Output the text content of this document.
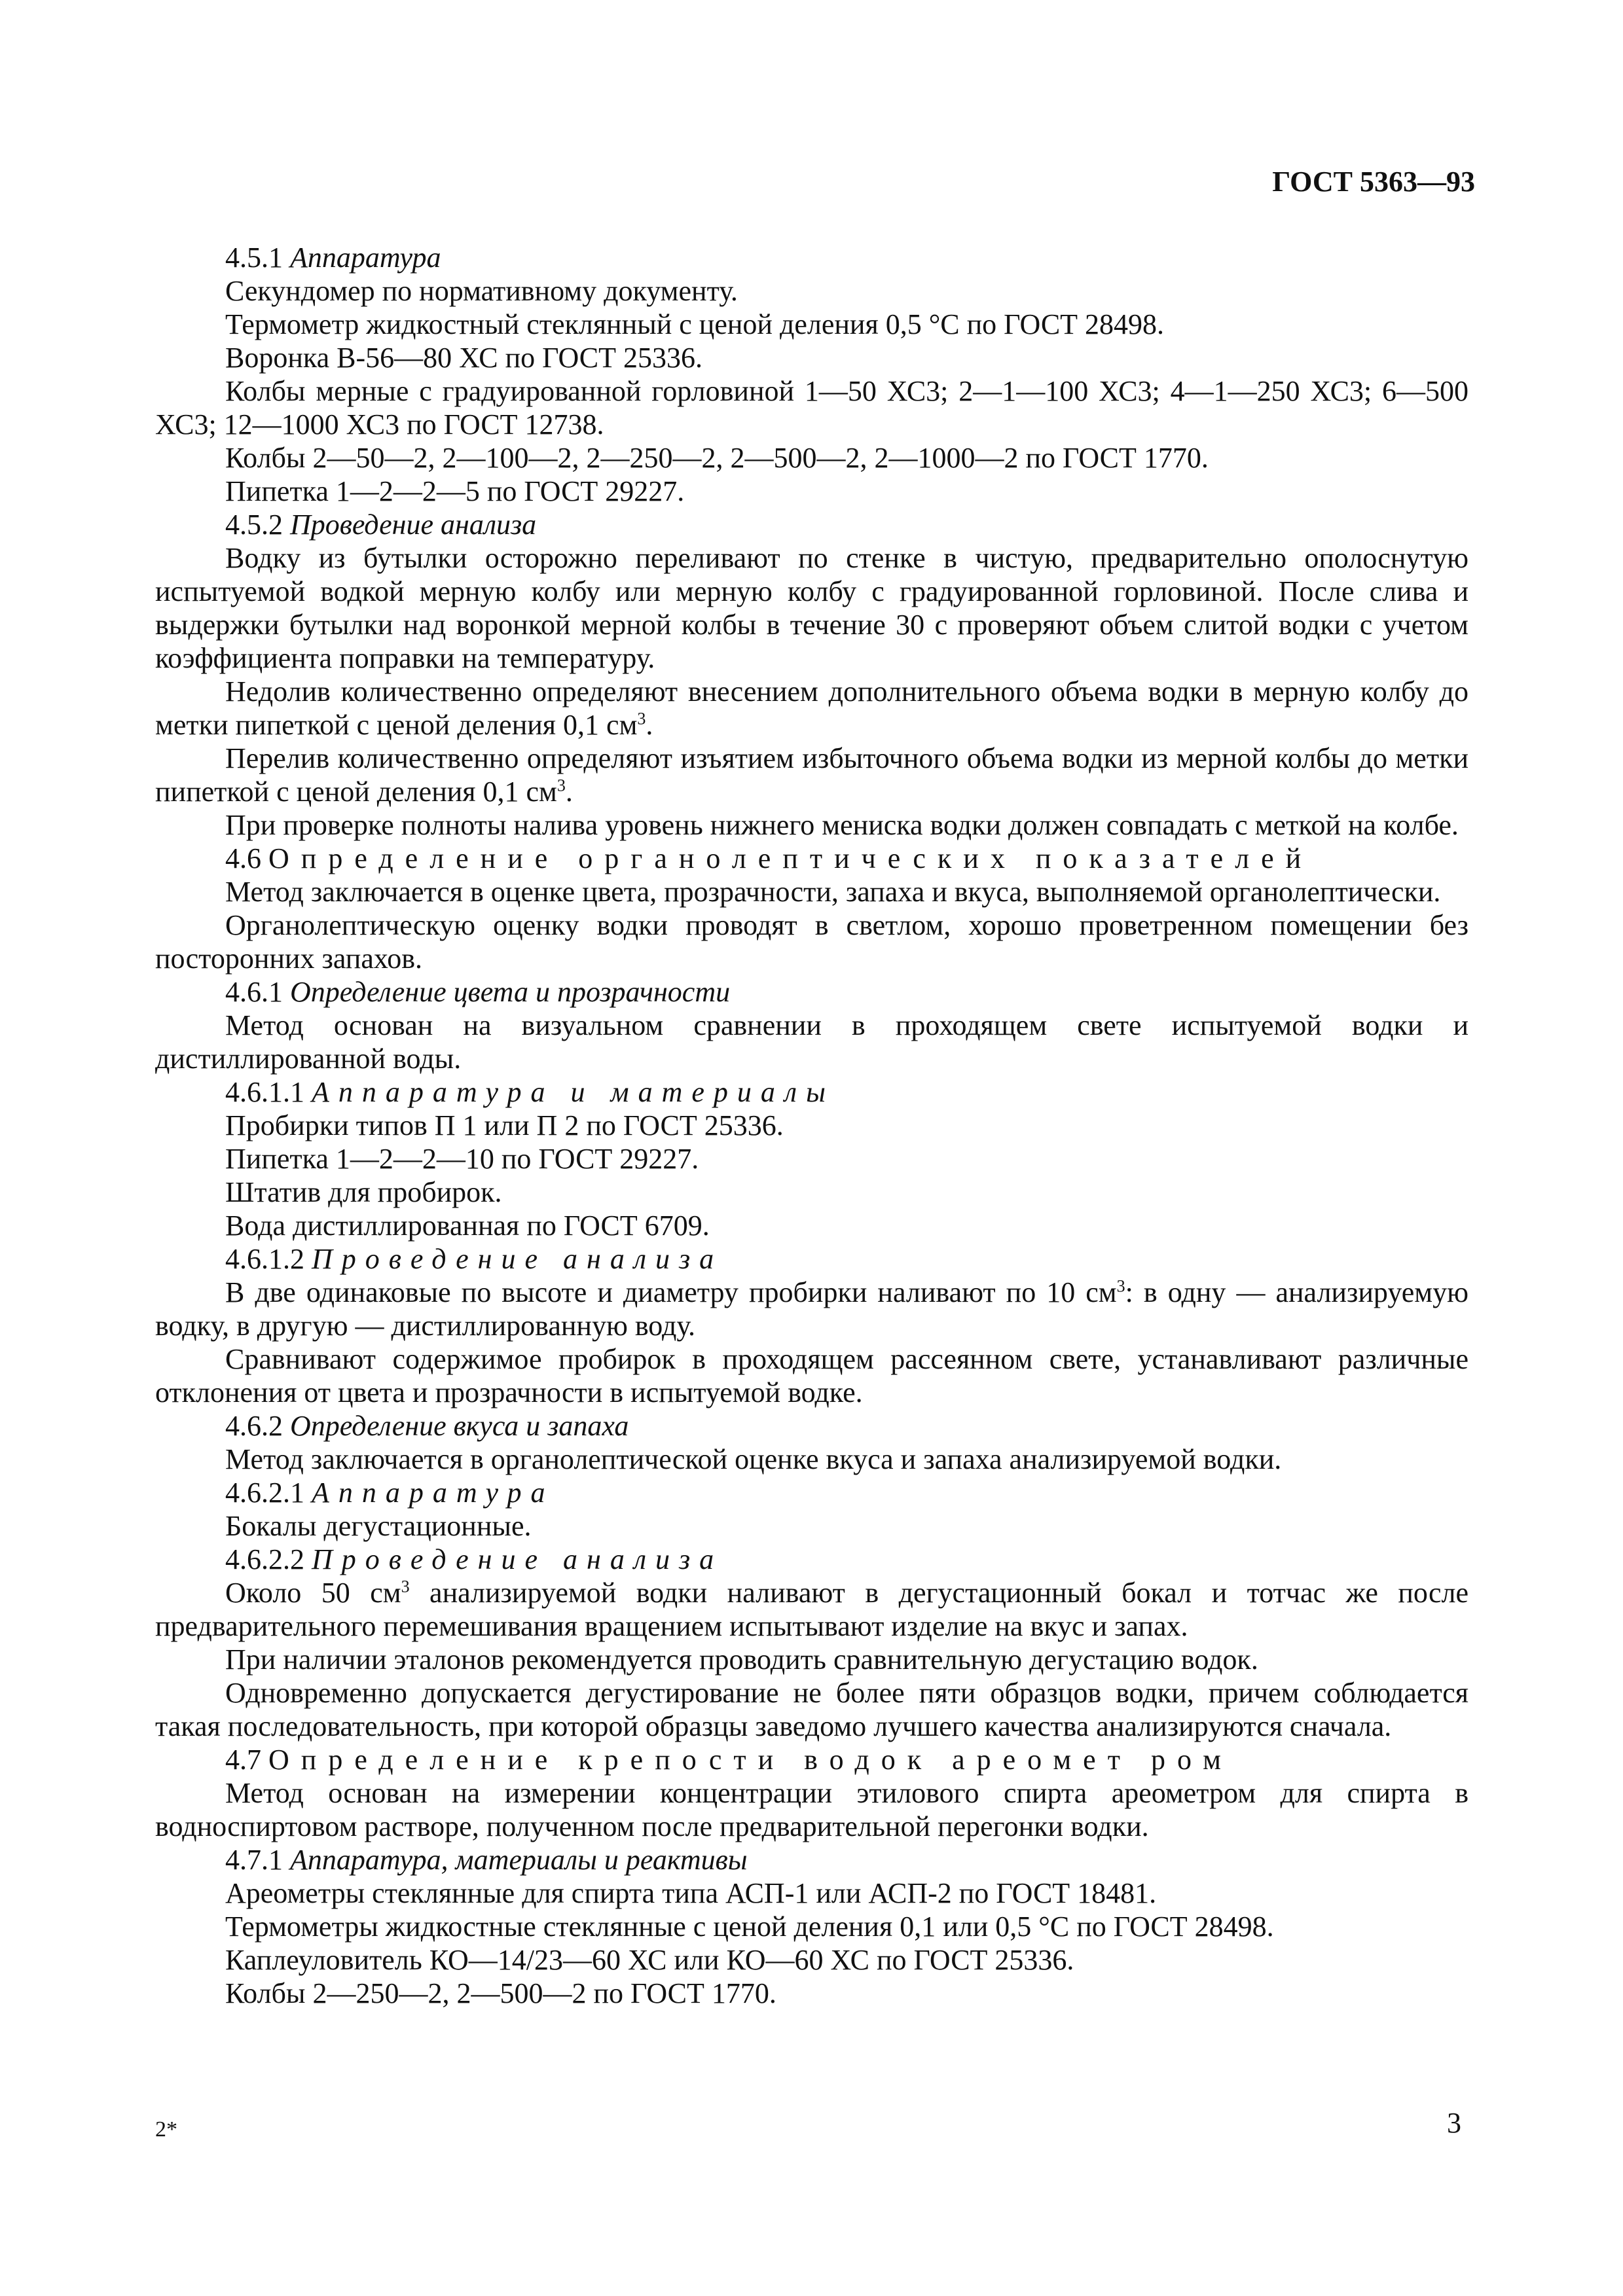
ГОСТ 5363—93
4.5.1 Аппаратура
Секундомер по нормативному документу.
Термометр жидкостный стеклянный с ценой деления 0,5 °С по ГОСТ 28498.
Воронка В-56—80 ХС по ГОСТ 25336.
Колбы мерные с градуированной горловиной 1—50 ХС3; 2—1—100 ХС3; 4—1—250 ХС3; 6—500 ХС3; 12—1000 ХС3 по ГОСТ 12738.
Колбы 2—50—2, 2—100—2, 2—250—2, 2—500—2, 2—1000—2 по ГОСТ 1770.
Пипетка 1—2—2—5 по ГОСТ 29227.
4.5.2 Проведение анализа
Водку из бутылки осторожно переливают по стенке в чистую, предварительно ополоснутую испытуемой водкой мерную колбу или мерную колбу с градуированной горловиной. После слива и выдержки бутылки над воронкой мерной колбы в течение 30 с проверяют объем слитой водки с учетом коэффициента поправки на температуру.
Недолив количественно определяют внесением дополнительного объема водки в мерную колбу до метки пипеткой с ценой деления 0,1 $см^3$.
Перелив количественно определяют изъятием избыточного объема водки из мерной колбы до метки пипеткой с ценой деления 0,1 $см^3$.
При проверке полноты налива уровень нижнего мениска водки должен совпадать с меткой на колбе.
4.6 Определение органолептических показателей
Метод заключается в оценке цвета, прозрачности, запаха и вкуса, выполняемой органолептически.
Органолептическую оценку водки проводят в светлом, хорошо проветренном помещении без посторонних запахов.
4.6.1 Определение цвета и прозрачности
Метод основан на визуальном сравнении в проходящем свете испытуемой водки и дистиллированной воды.
4.6.1.1 Аппаратура и материалы
Пробирки типов П 1 или П 2 по ГОСТ 25336.
Пипетка 1—2—2—10 по ГОСТ 29227.
Штатив для пробирок.
Вода дистиллированная по ГОСТ 6709.
4.6.1.2 Проведение анализа
В две одинаковые по высоте и диаметру пробирки наливают по 10 $см^3$: в одну — анализируемую водку, в другую — дистиллированную воду.
Сравнивают содержимое пробирок в проходящем рассеянном свете, устанавливают различные отклонения от цвета и прозрачности в испытуемой водке.
4.6.2 Определение вкуса и запаха
Метод заключается в органолептической оценке вкуса и запаха анализируемой водки.
4.6.2.1 Аппаратура
Бокалы дегустационные.
4.6.2.2 Проведение анализа
Около 50 $см^3$ анализируемой водки наливают в дегустационный бокал и тотчас же после предварительного перемешивания вращением испытывают изделие на вкус и запах.
При наличии эталонов рекомендуется проводить сравнительную дегустацию водок.
Одновременно допускается дегустирование не более пяти образцов водки, причем соблюдается такая последовательность, при которой образцы заведомо лучшего качества анализируются сначала.
4.7 Определение крепости водок ареомет ром
Метод основан на измерении концентрации этилового спирта ареометром для спирта в водноспиртовом растворе, полученном после предварительной перегонки водки.
4.7.1 Аппаратура, материалы и реактивы
Ареометры стеклянные для спирта типа АСП-1 или АСП-2 по ГОСТ 18481.
Термометры жидкостные стеклянные с ценой деления 0,1 или 0,5 °С по ГОСТ 28498.
Каплеуловитель КО—14/23—60 ХС или КО—60 ХС по ГОСТ 25336.
Колбы 2—250—2, 2—500—2 по ГОСТ 1770.
2*	3
